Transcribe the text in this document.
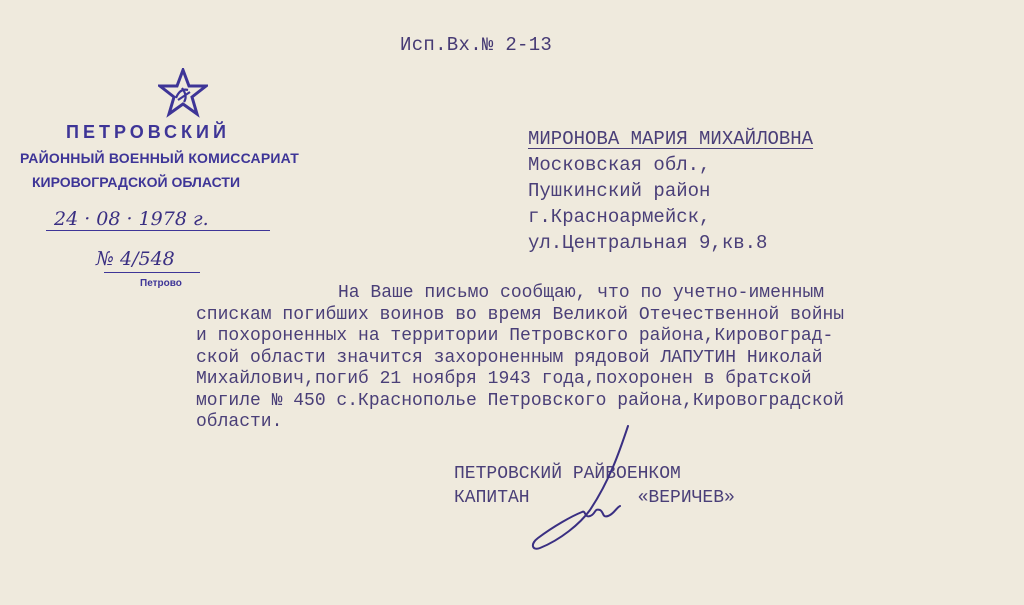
Исп.Вх.№ 2-13
ПЕТРОВСКИЙ
РАЙОННЫЙ ВОЕННЫЙ КОМИССАРИАТ
КИРОВОГРАДСКОЙ ОБЛАСТИ
24 · 08 · 1978 г.
№ 4/548
Петрово
МИРОНОВА МАРИЯ МИХАЙЛОВНА
Московская обл.,
Пушкинский район
г.Красноармейск,
ул.Центральная 9,кв.8
На Ваше письмо сообщаю, что по учетно-именным
спискам погибших воинов во время Великой Отечественной войны
и похороненных на территории Петровского района,Кировоград-
ской области значится захороненным рядовой ЛАПУТИН Николай
Михайлович,погиб 21 ноября 1943 года,похоронен в братской
могиле № 450 с.Краснополье Петровского района,Кировоградской
области.
ПЕТРОВСКИЙ РАЙВОЕНКОМ
КАПИТАН	«ВЕРИЧЕВ»
